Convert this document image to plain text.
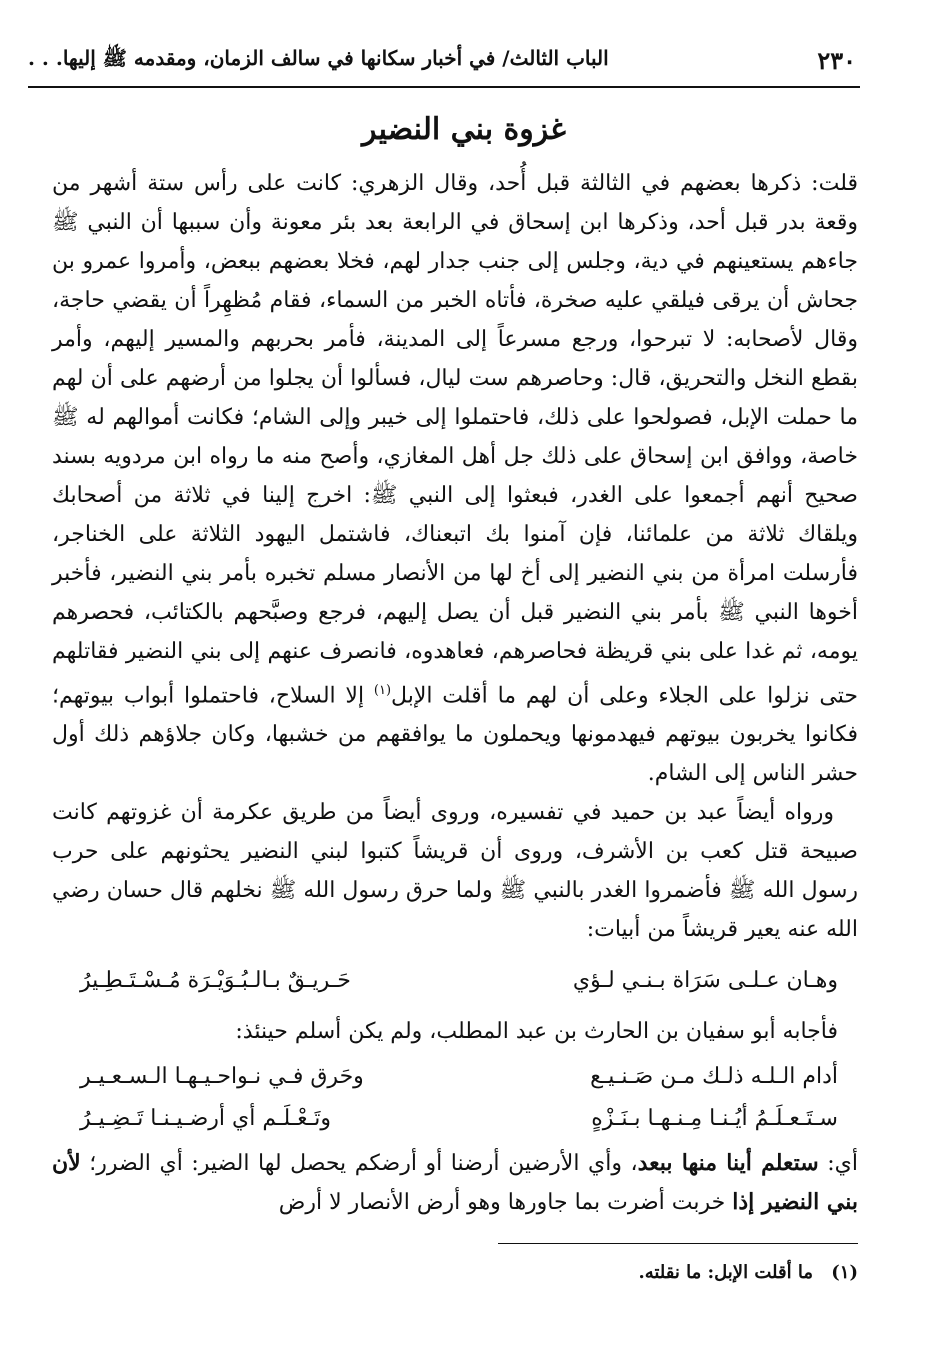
٢٣٠
الباب الثالث/ في أخبار سكانها في سالف الزمان، ومقدمه ﷺ إليها. . .
غزوة بني النضير

قلت: ذكرها بعضهم في الثالثة قبل أُحد، وقال الزهري: كانت على رأس ستة أشهر من وقعة بدر قبل أحد، وذكرها ابن إسحاق في الرابعة بعد بئر معونة وأن سببها أن النبي ﷺ جاءهم يستعينهم في دية، وجلس إلى جنب جدار لهم، فخلا بعضهم ببعض، وأمروا عمرو بن جحاش أن يرقى فيلقي عليه صخرة، فأتاه الخبر من السماء، فقام مُظهِراً أن يقضي حاجة، وقال لأصحابه: لا تبرحوا، ورجع مسرعاً إلى المدينة، فأمر بحربهم والمسير إليهم، وأمر بقطع النخل والتحريق، قال: وحاصرهم ست ليال، فسألوا أن يجلوا من أرضهم على أن لهم ما حملت الإبل، فصولحوا على ذلك، فاحتملوا إلى خيبر وإلى الشام؛ فكانت أموالهم له ﷺ خاصة، ووافق ابن إسحاق على ذلك جل أهل المغازي، وأصح منه ما رواه ابن مردويه بسند صحيح أنهم أجمعوا على الغدر، فبعثوا إلى النبي ﷺ: اخرج إلينا في ثلاثة من أصحابك ويلقاك ثلاثة من علمائنا، فإن آمنوا بك اتبعناك، فاشتمل اليهود الثلاثة على الخناجر، فأرسلت امرأة من بني النضير إلى أخ لها من الأنصار مسلم تخبره بأمر بني النضير، فأخبر أخوها النبي ﷺ بأمر بني النضير قبل أن يصل إليهم، فرجع وصبَّحهم بالكتائب، فحصرهم يومه، ثم غدا على بني قريظة فحاصرهم، فعاهدوه، فانصرف عنهم إلى بني النضير فقاتلهم حتى نزلوا على الجلاء وعلى أن لهم ما أقلت الإبل$^{(١)}$ إلا السلاح، فاحتملوا أبواب بيوتهم؛ فكانوا يخربون بيوتهم فيهدمونها ويحملون ما يوافقهم من خشبها، وكان جلاؤهم ذلك أول حشر الناس إلى الشام.

ورواه أيضاً عبد بن حميد في تفسيره، وروى أيضاً من طريق عكرمة أن غزوتهم كانت صبيحة قتل كعب بن الأشرف، وروى أن قريشاً كتبوا لبني النضير يحثونهم على حرب رسول الله ﷺ فأضمروا الغدر بالنبي ﷺ ولما حرق رسول الله ﷺ نخلهم قال حسان رضي الله عنه يعير قريشاً من أبيات:

وهـان عـلـى سَرَاة بـنـي لـؤي
حَـريـقٌ بـالـبُـوَيْـرَة مُـسْـتَـطِـيرُ
فأجابه أبو سفيان بن الحارث بن عبد المطلب، ولم يكن أسلم حينئذ:
أدام الـلـه ذلـك مـن صَـنـيـع
وحَرق فـي نـواحـيـهـا الـسـعـيـر
سـتَـعـلَـمُ أيُـنـا مِـنـهـا بـنَـزْهٍ
وتَـعْـلَـم أي أرضـيـنـا تَـضِـيـرُ

أي: ستعلم أينا منها ببعد، وأي الأرضين أرضنا أو أرضكم يحصل لها الضير: أي الضرر؛ لأن بني النضير إذا خربت أضرت بما جاورها وهو أرض الأنصار لا أرض

(١) ما أقلت الإبل: ما نقلته.
